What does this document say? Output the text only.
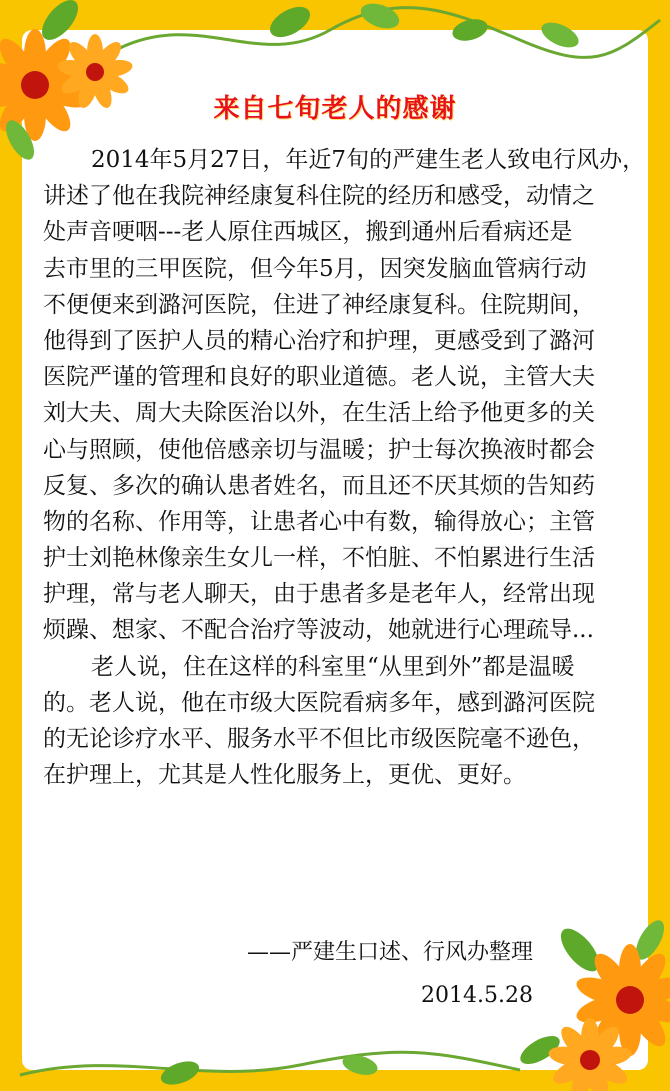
来自七旬老人的感谢
2014年5月27日，年近7旬的严建生老人致电行风办，
讲述了他在我院神经康复科住院的经历和感受，动情之
处声音哽咽---老人原住西城区，搬到通州后看病还是
去市里的三甲医院，但今年5月，因突发脑血管病行动
不便便来到潞河医院，住进了神经康复科。住院期间，
他得到了医护人员的精心治疗和护理，更感受到了潞河
医院严谨的管理和良好的职业道德。老人说，主管大夫
刘大夫、周大夫除医治以外，在生活上给予他更多的关
心与照顾，使他倍感亲切与温暖；护士每次换液时都会
反复、多次的确认患者姓名，而且还不厌其烦的告知药
物的名称、作用等，让患者心中有数，输得放心；主管
护士刘艳林像亲生女儿一样，不怕脏、不怕累进行生活
护理，常与老人聊天，由于患者多是老年人，经常出现
烦躁、想家、不配合治疗等波动，她就进行心理疏导...
老人说，住在这样的科室里“从里到外”都是温暖
的。老人说，他在市级大医院看病多年，感到潞河医院
的无论诊疗水平、服务水平不但比市级医院毫不逊色，
在护理上，尤其是人性化服务上，更优、更好。
——严建生口述、行风办整理
2014.5.28
